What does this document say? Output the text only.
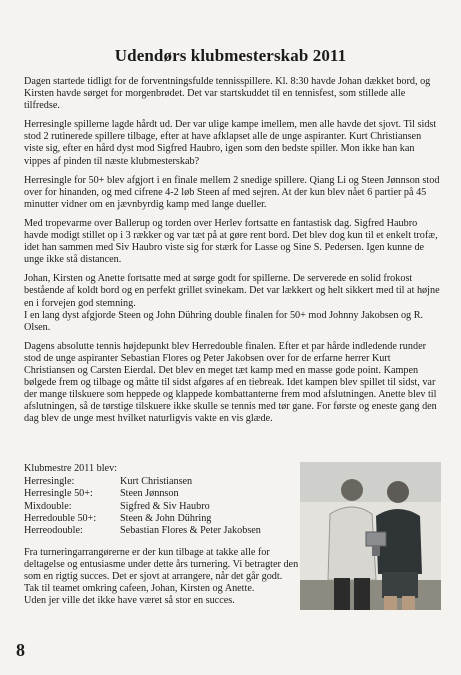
Udendørs klubmesterskab 2011

Dagen startede tidligt for de forventningsfulde tennisspillere. Kl. 8:30 havde Johan dækket bord, og Kirsten havde sørget for morgenbrødet. Det var startskuddet til en tennisfest, som stillede alle tilfredse.

Herresingle spillerne lagde hårdt ud. Der var ulige kampe imellem, men alle havde det sjovt. Til sidst stod 2 rutinerede spillere tilbage, efter at have afklapset alle de unge aspiranter. Kurt Christiansen viste sig, efter en hård dyst mod Sigfred Haubro, igen som den bedste spiller. Mon ikke han kan vippes af pinden til næste klubmesterskab?

Herresingle for 50+ blev afgjort i en finale mellem 2 snedige spillere. Qiang Li og Steen Jønnson stod over for hinanden, og med cifrene 4-2 løb Steen af med sejren. At der kun blev nået 6 partier på 45 minutter vidner om en jævnbyrdig kamp med lange dueller.

Med tropevarme over Ballerup og torden over Herlev fortsatte en fantastisk dag. Sigfred Haubro havde modigt stillet op i 3 rækker og var tæt på at gøre rent bord. Det blev dog kun til et enkelt trofæ, idet han sammen med Siv Haubro viste sig for stærk for Lasse og Sine S. Pedersen. Igen kunne de unge ikke stå distancen.

Johan, Kirsten og Anette fortsatte med at sørge godt for spillerne. De serverede en solid frokost bestående af koldt bord og en perfekt grillet svinekam. Det var lækkert og helt sikkert med til at højne en i forvejen god stemning.
I en lang dyst afgjorde Steen og John Dühring double finalen for 50+ mod Johnny Jakobsen og R. Olsen.

Dagens absolutte tennis højdepunkt blev Herredouble finalen. Efter et par hårde indledende runder stod de unge aspiranter Sebastian Flores og Peter Jakobsen over for de erfarne herrer Kurt Christiansen og Carsten Eierdal. Det blev en meget tæt kamp med en masse gode point. Kampen bølgede frem og tilbage og måtte til sidst afgøres af en tiebreak. Idet kampen blev spillet til sidst, var der mange tilskuere som heppede og klappede kombattanterne frem mod afslutningen. Anette blev til afslutningen, så de tørstige tilskuere ikke skulle se tennis med tør gane. For første og eneste gang den dag blev de unge mest hvilket naturligvis vakte en vis glæde.

Klubmestre 2011 blev:
Herresingle:	Kurt Christiansen
Herresingle 50+:	Steen Jønnson
Mixdouble:	Sigfred & Siv Haubro
Herredouble 50+:	Steen & John Dühring
Herreodouble:	Sebastian Flores & Peter Jakobsen

Fra turneringarrangørerne er der kun tilbage at takke alle for deltagelse og entusiasme under dette års turnering. Vi betragter den som en rigtig succes. Det er sjovt at arrangere, når det går godt.

Tak til teamet omkring cafeen, Johan, Kirsten og Anette.

Uden jer ville det ikke have været så stor en succes.

8
